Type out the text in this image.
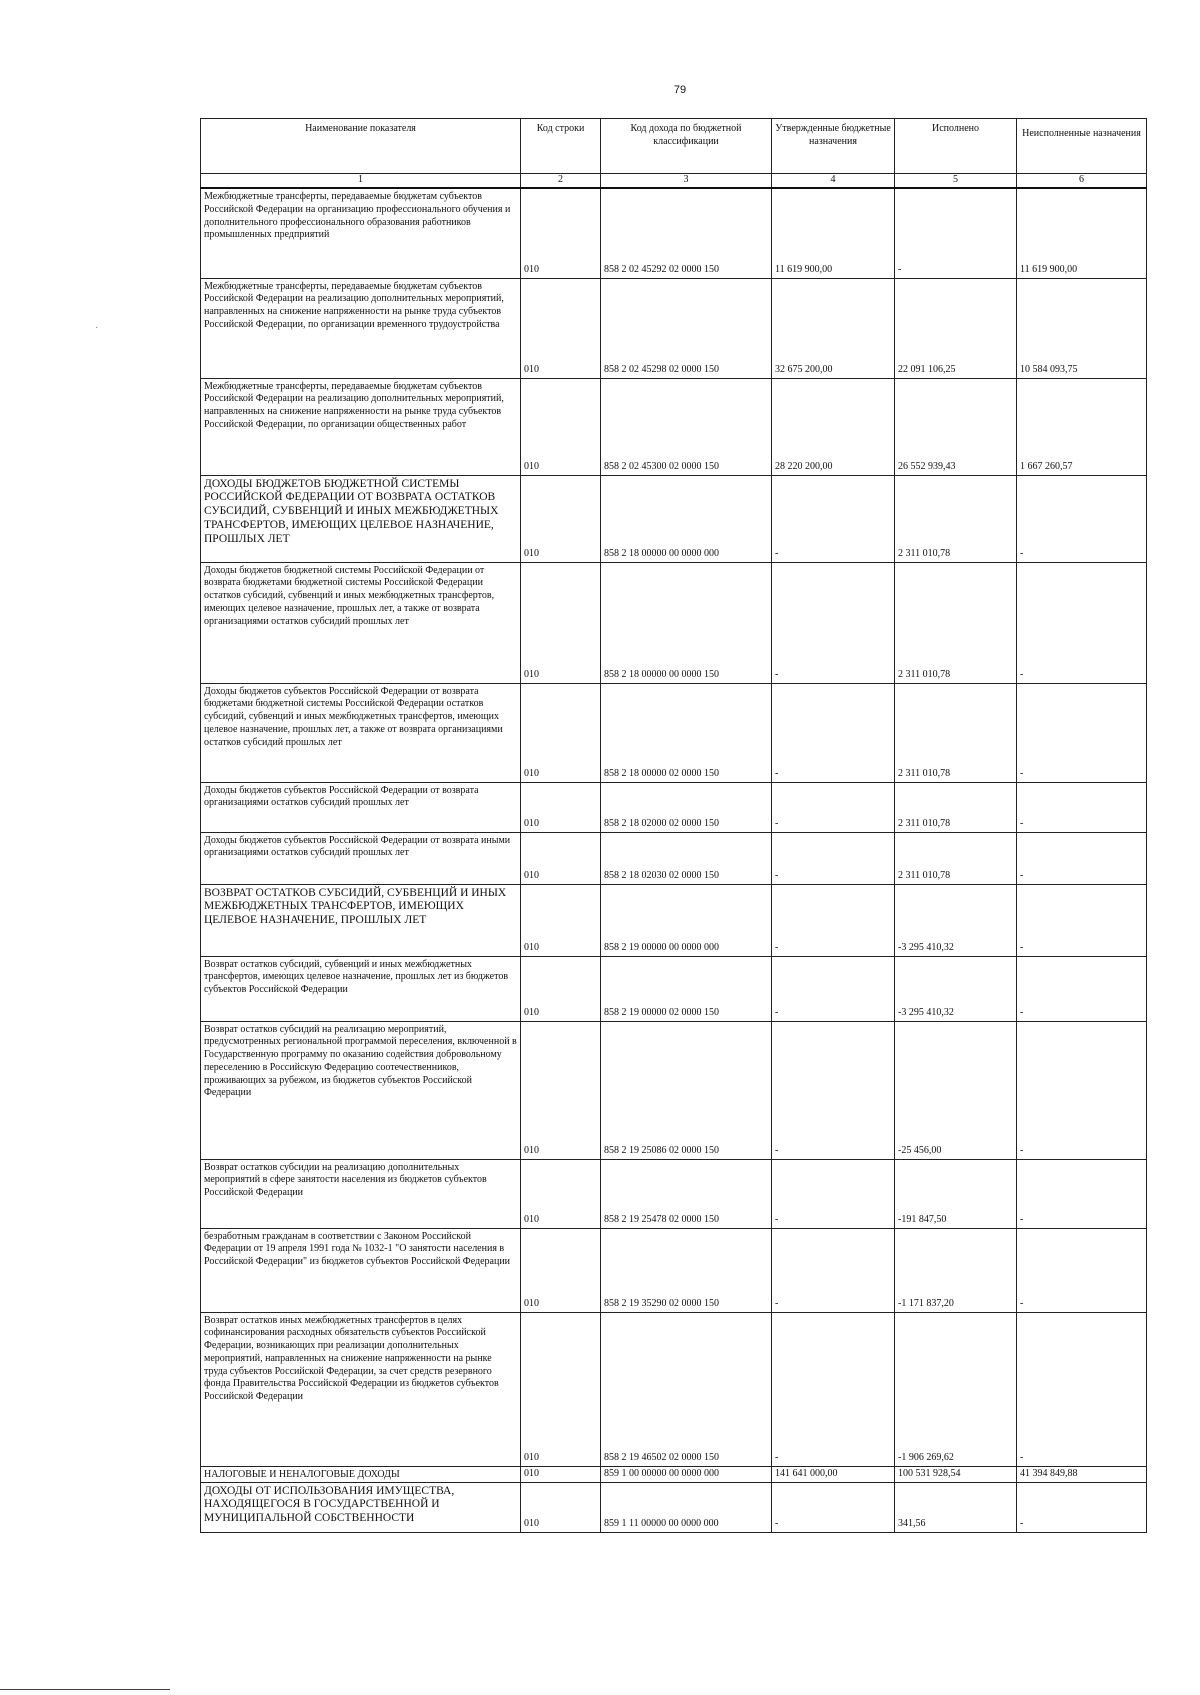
79
Наименование показателя	Код строки	Код дохода по бюджетной классификации	Утвержденные бюджетные назначения	Исполнено	Неисполненные назначения
1	2	3	4	5	6
Межбюджетные трансферты, передаваемые бюджетам субъектов Российской Федерации на организацию профессионального обучения и дополнительного профессионального образования работников промышленных предприятий	010	858 2 02 45292 02 0000 150	11 619 900,00	-	11 619 900,00
Межбюджетные трансферты, передаваемые бюджетам субъектов Российской Федерации на реализацию дополнительных мероприятий, направленных на снижение напряженности на рынке труда субъектов Российской Федерации, по организации временного трудоустройства	010	858 2 02 45298 02 0000 150	32 675 200,00	22 091 106,25	10 584 093,75
Межбюджетные трансферты, передаваемые бюджетам субъектов Российской Федерации на реализацию дополнительных мероприятий, направленных на снижение напряженности на рынке труда субъектов Российской Федерации, по организации общественных работ	010	858 2 02 45300 02 0000 150	28 220 200,00	26 552 939,43	1 667 260,57
ДОХОДЫ БЮДЖЕТОВ БЮДЖЕТНОЙ СИСТЕМЫ РОССИЙСКОЙ ФЕДЕРАЦИИ ОТ ВОЗВРАТА ОСТАТКОВ СУБСИДИЙ, СУБВЕНЦИЙ И ИНЫХ МЕЖБЮДЖЕТНЫХ ТРАНСФЕРТОВ, ИМЕЮЩИХ ЦЕЛЕВОЕ НАЗНАЧЕНИЕ, ПРОШЛЫХ ЛЕТ	010	858 2 18 00000 00 0000 000	-	2 311 010,78	-
Доходы бюджетов бюджетной системы Российской Федерации от возврата бюджетами бюджетной системы Российской Федерации остатков субсидий, субвенций и иных межбюджетных трансфертов, имеющих целевое назначение, прошлых лет, а также от возврата организациями остатков субсидий прошлых лет	010	858 2 18 00000 00 0000 150	-	2 311 010,78	-
Доходы бюджетов субъектов Российской Федерации от возврата бюджетами бюджетной системы Российской Федерации остатков субсидий, субвенций и иных межбюджетных трансфертов, имеющих целевое назначение, прошлых лет, а также от возврата организациями остатков субсидий прошлых лет	010	858 2 18 00000 02 0000 150	-	2 311 010,78	-
Доходы бюджетов субъектов Российской Федерации от возврата организациями остатков субсидий прошлых лет	010	858 2 18 02000 02 0000 150	-	2 311 010,78	-
Доходы бюджетов субъектов Российской Федерации от возврата иными организациями остатков субсидий прошлых лет	010	858 2 18 02030 02 0000 150	-	2 311 010,78	-
ВОЗВРАТ ОСТАТКОВ СУБСИДИЙ, СУБВЕНЦИЙ И ИНЫХ МЕЖБЮДЖЕТНЫХ ТРАНСФЕРТОВ, ИМЕЮЩИХ ЦЕЛЕВОЕ НАЗНАЧЕНИЕ, ПРОШЛЫХ ЛЕТ	010	858 2 19 00000 00 0000 000	-	-3 295 410,32	-
Возврат остатков субсидий, субвенций и иных межбюджетных трансфертов, имеющих целевое назначение, прошлых лет из бюджетов субъектов Российской Федерации	010	858 2 19 00000 02 0000 150	-	-3 295 410,32	-
Возврат остатков субсидий на реализацию мероприятий, предусмотренных региональной программой переселения, включенной в Государственную программу по оказанию содействия добровольному переселению в Российскую Федерацию соотечественников, проживающих за рубежом, из бюджетов субъектов Российской Федерации	010	858 2 19 25086 02 0000 150	-	-25 456,00	-
Возврат остатков субсидии на реализацию дополнительных мероприятий в сфере занятости населения из бюджетов субъектов Российской Федерации	010	858 2 19 25478 02 0000 150	-	-191 847,50	-
безработным гражданам в соответствии с Законом Российской Федерации от 19 апреля 1991 года № 1032-1 "О занятости населения в Российской Федерации" из бюджетов субъектов Российской Федерации	010	858 2 19 35290 02 0000 150	-	-1 171 837,20	-
Возврат остатков иных межбюджетных трансфертов в целях софинансирования расходных обязательств субъектов Российской Федерации, возникающих при реализации дополнительных мероприятий, направленных на снижение напряженности на рынке труда субъектов Российской Федерации, за счет средств резервного фонда Правительства Российской Федерации из бюджетов субъектов Российской Федерации	010	858 2 19 46502 02 0000 150	-	-1 906 269,62	-
НАЛОГОВЫЕ И НЕНАЛОГОВЫЕ ДОХОДЫ	010	859 1 00 00000 00 0000 000	141 641 000,00	100 531 928,54	41 394 849,88
ДОХОДЫ ОТ ИСПОЛЬЗОВАНИЯ ИМУЩЕСТВА, НАХОДЯЩЕГОСЯ В ГОСУДАРСТВЕННОЙ И МУНИЦИПАЛЬНОЙ СОБСТВЕННОСТИ	010	859 1 11 00000 00 0000 000	-	341,56	-
·
